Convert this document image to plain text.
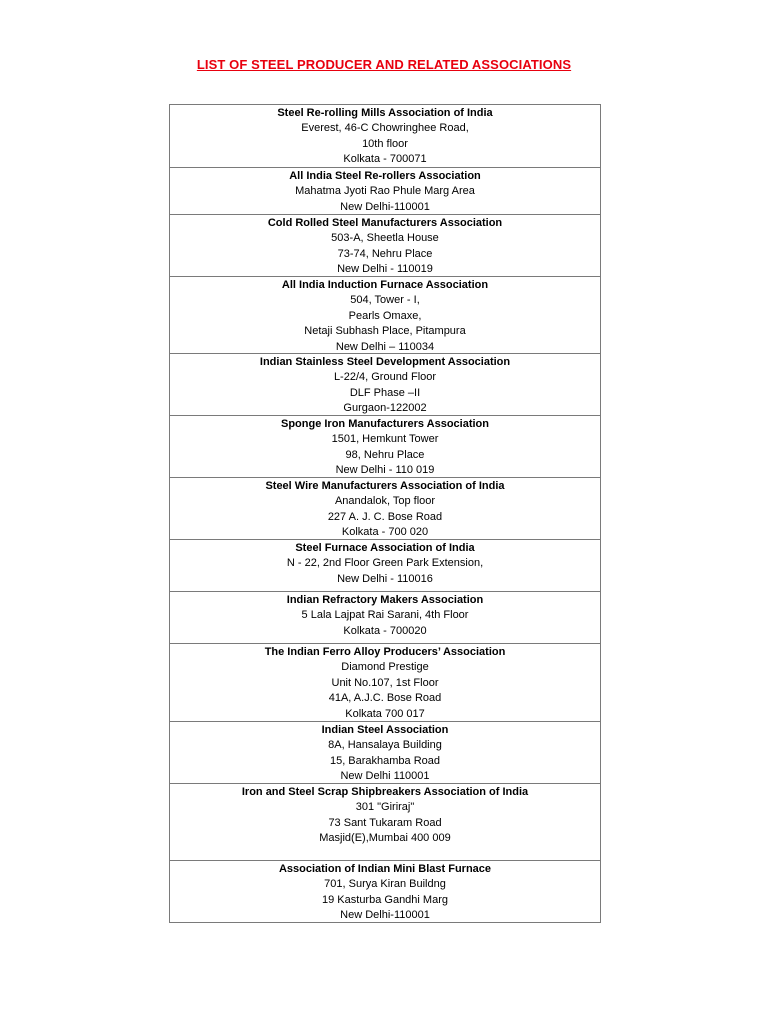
LIST OF STEEL PRODUCER AND RELATED ASSOCIATIONS
Steel Re-rolling Mills Association of India
Everest, 46-C Chowringhee Road,
10th floor
Kolkata - 700071
All India Steel Re-rollers Association
Mahatma Jyoti Rao Phule Marg Area
New Delhi-110001
Cold Rolled Steel Manufacturers Association
503-A, Sheetla House
73-74, Nehru Place
New Delhi - 110019
All India Induction Furnace Association
504, Tower - I,
Pearls Omaxe,
Netaji Subhash Place, Pitampura
New Delhi – 110034
Indian Stainless Steel Development Association
L-22/4, Ground Floor
DLF Phase –II
Gurgaon-122002
Sponge Iron Manufacturers Association
1501, Hemkunt Tower
98, Nehru Place
New Delhi - 110 019
Steel Wire Manufacturers Association of India
Anandalok, Top floor
227 A. J. C. Bose Road
Kolkata - 700 020
Steel Furnace Association of India
N - 22, 2nd Floor Green Park Extension,
New Delhi - 110016
Indian Refractory Makers Association
5 Lala Lajpat Rai Sarani, 4th Floor
Kolkata - 700020
The Indian Ferro Alloy Producers’ Association
Diamond Prestige
Unit No.107, 1st Floor
41A, A.J.C. Bose Road
Kolkata 700 017
Indian Steel Association
8A, Hansalaya Building
15, Barakhamba Road
New Delhi 110001
Iron and Steel Scrap Shipbreakers Association of India
301 "Giriraj"
73 Sant Tukaram Road
Masjid(E),Mumbai 400 009
Association of Indian Mini Blast Furnace
701, Surya Kiran Buildng
19 Kasturba Gandhi Marg
New Delhi-110001
